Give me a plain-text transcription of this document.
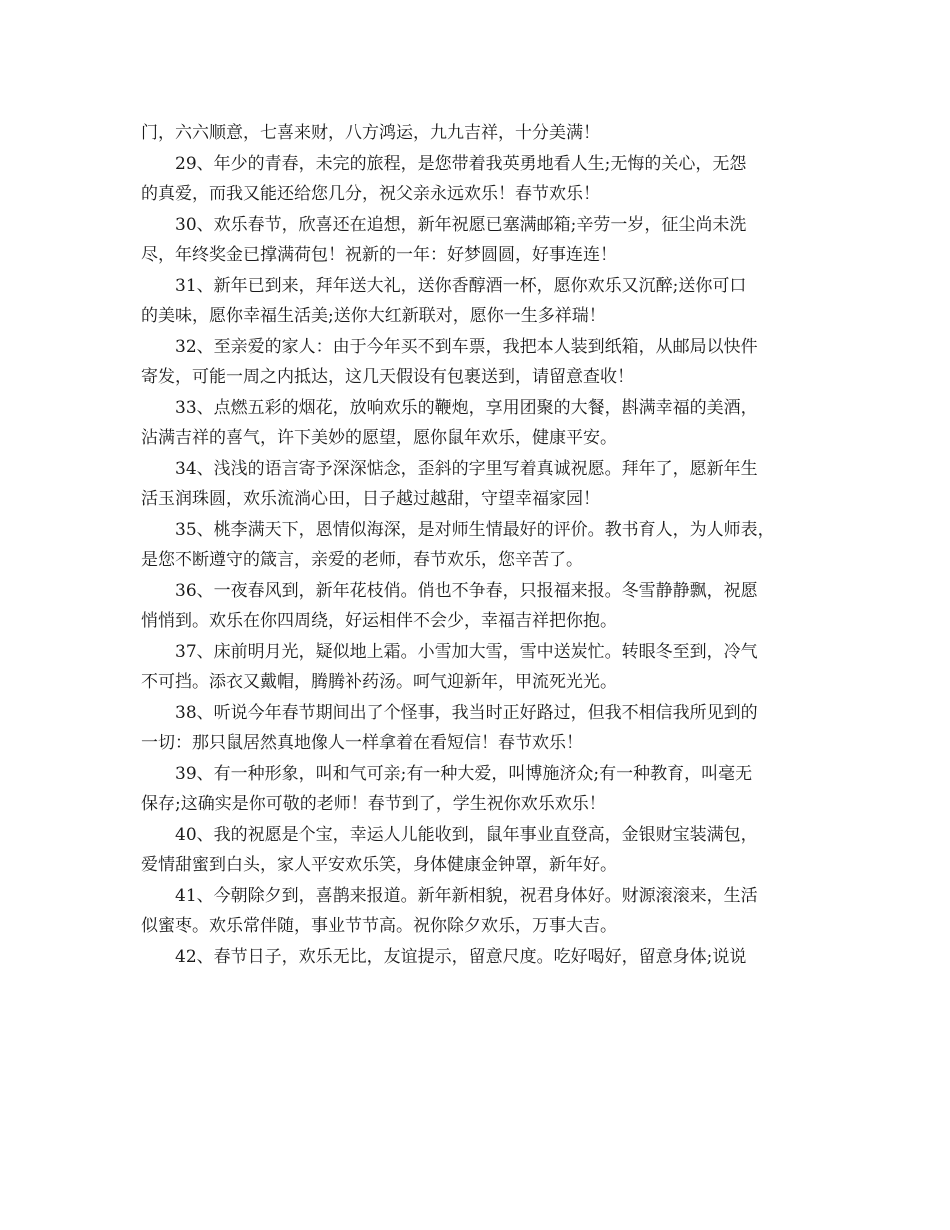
门，六六顺意，七喜来财，八方鸿运，九九吉祥，十分美满！
29、年少的青春，未完的旅程，是您带着我英勇地看人生;无悔的关心，无怨
的真爱，而我又能还给您几分，祝父亲永远欢乐！春节欢乐！
30、欢乐春节，欣喜还在追想，新年祝愿已塞满邮箱;辛劳一岁，征尘尚未洗
尽，年终奖金已撑满荷包！祝新的一年：好梦圆圆，好事连连！
31、新年已到来，拜年送大礼，送你香醇酒一杯，愿你欢乐又沉醉;送你可口
的美味，愿你幸福生活美;送你大红新联对，愿你一生多祥瑞！
32、至亲爱的家人：由于今年买不到车票，我把本人装到纸箱，从邮局以快件
寄发，可能一周之内抵达，这几天假设有包裹送到，请留意查收！
33、点燃五彩的烟花，放响欢乐的鞭炮，享用团聚的大餐，斟满幸福的美酒，
沾满吉祥的喜气，许下美妙的愿望，愿你鼠年欢乐，健康平安。
34、浅浅的语言寄予深深惦念，歪斜的字里写着真诚祝愿。拜年了，愿新年生
活玉润珠圆，欢乐流淌心田，日子越过越甜，守望幸福家园！
35、桃李满天下，恩情似海深，是对师生情最好的评价。教书育人，为人师表，
是您不断遵守的箴言，亲爱的老师，春节欢乐，您辛苦了。
36、一夜春风到，新年花枝俏。俏也不争春，只报福来报。冬雪静静飘，祝愿
悄悄到。欢乐在你四周绕，好运相伴不会少，幸福吉祥把你抱。
37、床前明月光，疑似地上霜。小雪加大雪，雪中送炭忙。转眼冬至到，冷气
不可挡。添衣又戴帽，腾腾补药汤。呵气迎新年，甲流死光光。
38、听说今年春节期间出了个怪事，我当时正好路过，但我不相信我所见到的
一切：那只鼠居然真地像人一样拿着在看短信！春节欢乐！
39、有一种形象，叫和气可亲;有一种大爱，叫博施济众;有一种教育，叫毫无
保存;这确实是你可敬的老师！春节到了，学生祝你欢乐欢乐！
40、我的祝愿是个宝，幸运人儿能收到，鼠年事业直登高，金银财宝装满包，
爱情甜蜜到白头，家人平安欢乐笑，身体健康金钟罩，新年好。
41、今朝除夕到，喜鹊来报道。新年新相貌，祝君身体好。财源滚滚来，生活
似蜜枣。欢乐常伴随，事业节节高。祝你除夕欢乐，万事大吉。
42、春节日子，欢乐无比，友谊提示，留意尺度。吃好喝好，留意身体;说说
